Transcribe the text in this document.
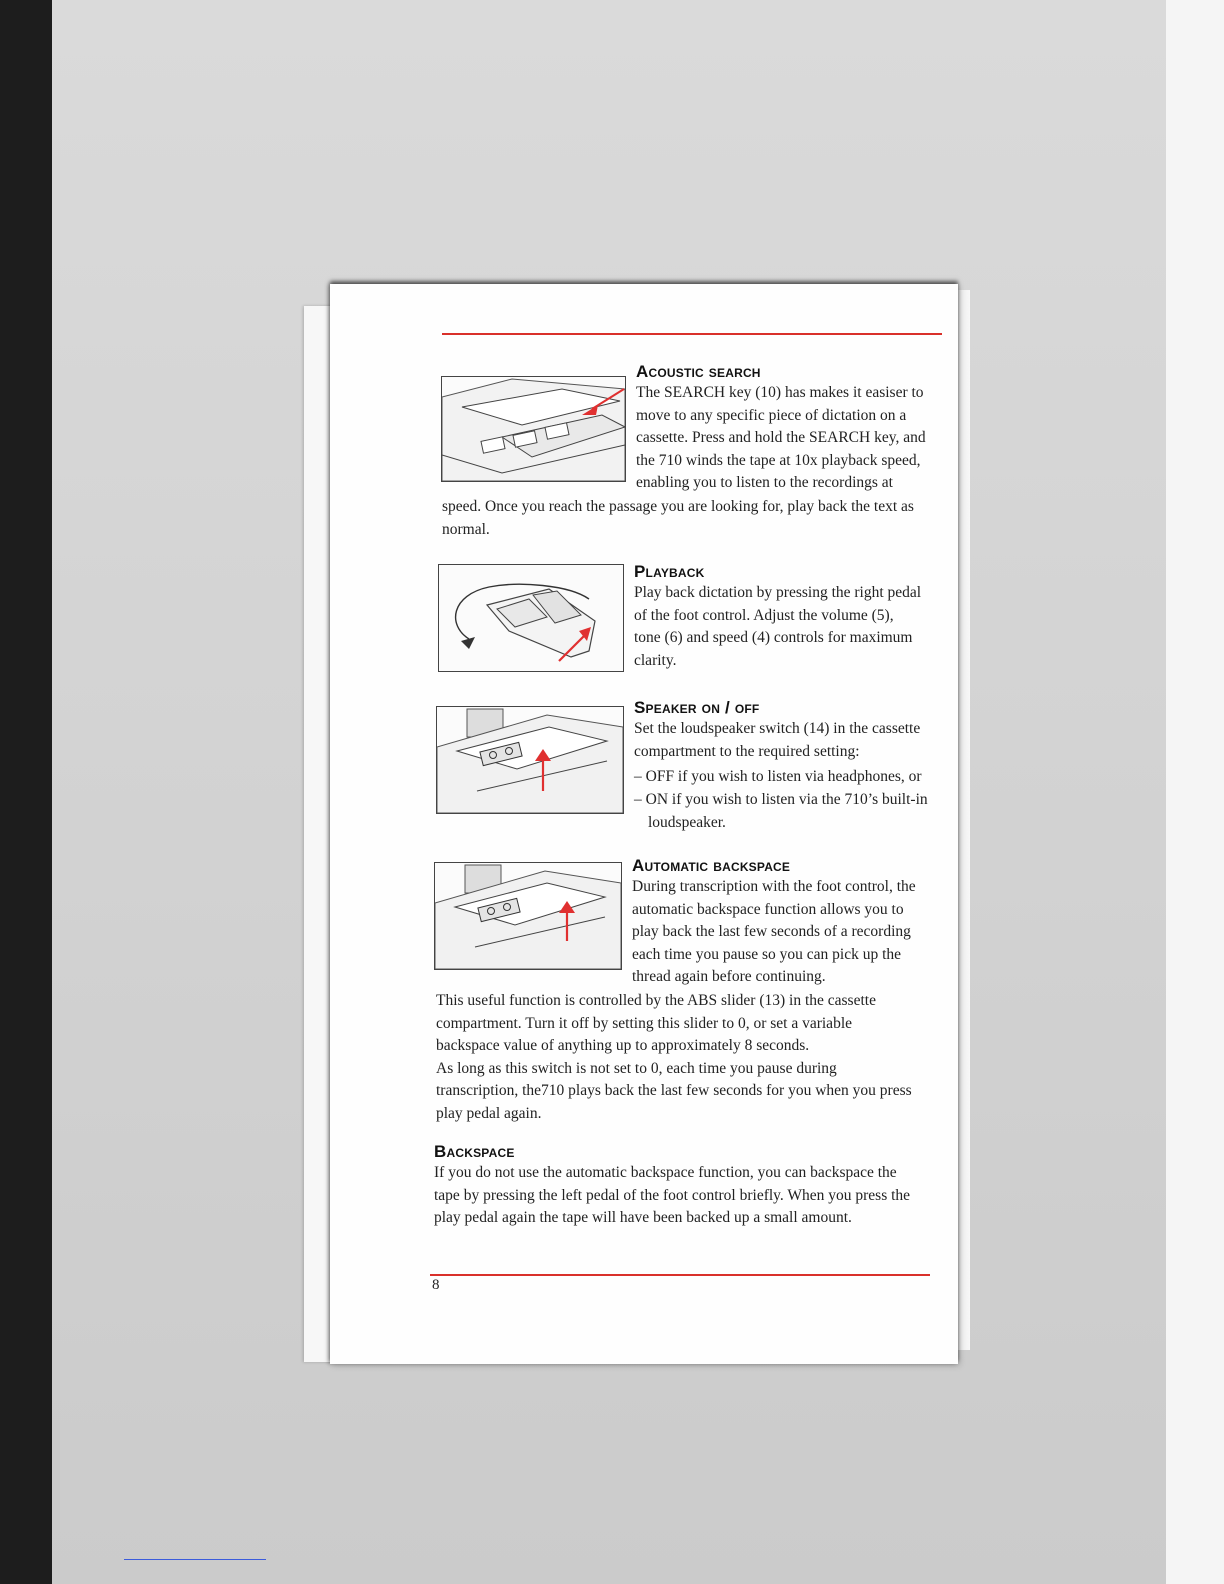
Acoustic search

The SEARCH key (10) has makes it easiser to

move to any specific piece of dictation on a

cassette. Press and hold the SEARCH key, and

the 710 winds the tape at 10x playback speed,

enabling you to listen to the recordings at

speed. Once you reach the passage you are looking for, play back the text as

normal.

Playback

Play back dictation by pressing the right pedal

of the foot control. Adjust the volume (5),

tone (6) and speed (4) controls for maximum

clarity.

Speaker on / off

Set the loudspeaker switch (14) in the cassette

compartment to the required setting:

– OFF if you wish to listen via headphones, or
– ON if you wish to listen via the 710’s built-in loudspeaker.
Automatic backspace

During transcription with the foot control, the

automatic backspace function allows you to

play back the last few seconds of a recording

each time you pause so you can pick up the

thread again before continuing.

This useful function is controlled by the ABS slider (13) in the cassette

compartment. Turn it off by setting this slider to 0, or set a variable

backspace value of anything up to approximately 8 seconds.

As long as this switch is not set to 0, each time you pause during

transcription, the710 plays back the last few seconds for you when you press

play pedal again.

Backspace

If you do not use the automatic backspace function, you can backspace the

tape by pressing the left pedal of the foot control briefly. When you press the

play pedal again the tape will have been backed up a small amount.

8
